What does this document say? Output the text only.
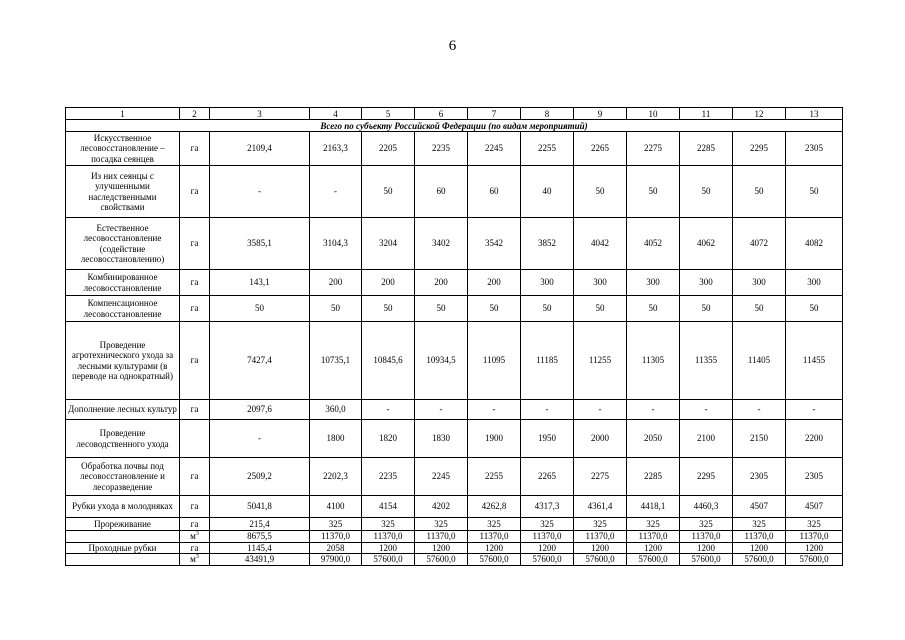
6
1	2	3	4	5	6	7	8	9	10	11	12	13
Всего по субъекту Российской Федерации (по видам мероприятий)												
Искусственное лесовосстановление – посадка сеянцев	га	2109,4	2163,3	2205	2235	2245	2255	2265	2275	2285	2295	2305
Из них сеянцы с улучшенными наследственными свойствами	га	-	-	50	60	60	40	50	50	50	50	50
Естественное лесовосстановление (содействие лесовосстановлению)	га	3585,1	3104,3	3204	3402	3542	3852	4042	4052	4062	4072	4082
Комбинированное лесовосстановление	га	143,1	200	200	200	200	300	300	300	300	300	300
Компенсационное лесовосстановление	га	50	50	50	50	50	50	50	50	50	50	50
Проведение агротехнического ухода за лесными культурами (в переводе на однократный)	га	7427,4	10735,1	10845,6	10934,5	11095	11185	11255	11305	11355	11405	11455
Дополнение лесных культур	га	2097,6	360,0	-	-	-	-	-	-	-	-	-
Проведение лесоводственного ухода		-	1800	1820	1830	1900	1950	2000	2050	2100	2150	2200
Обработка почвы под лесовосстановление и лесоразведение	га	2509,2	2202,3	2235	2245	2255	2265	2275	2285	2295	2305	2305
Рубки ухода в молодняках	га	5041,8	4100	4154	4202	4262,8	4317,3	4361,4	4418,1	4460,3	4507	4507
Прореживание	га	215,4	325	325	325	325	325	325	325	325	325	325
	$м^3$	8675,5	11370,0	11370,0	11370,0	11370,0	11370,0	11370,0	11370,0	11370,0	11370,0	11370,0
Проходные рубки	га	1145,4	2058	1200	1200	1200	1200	1200	1200	1200	1200	1200
	$м^3$	43491,9	97900,0	57600,0	57600,0	57600,0	57600,0	57600,0	57600,0	57600,0	57600,0	57600,0
